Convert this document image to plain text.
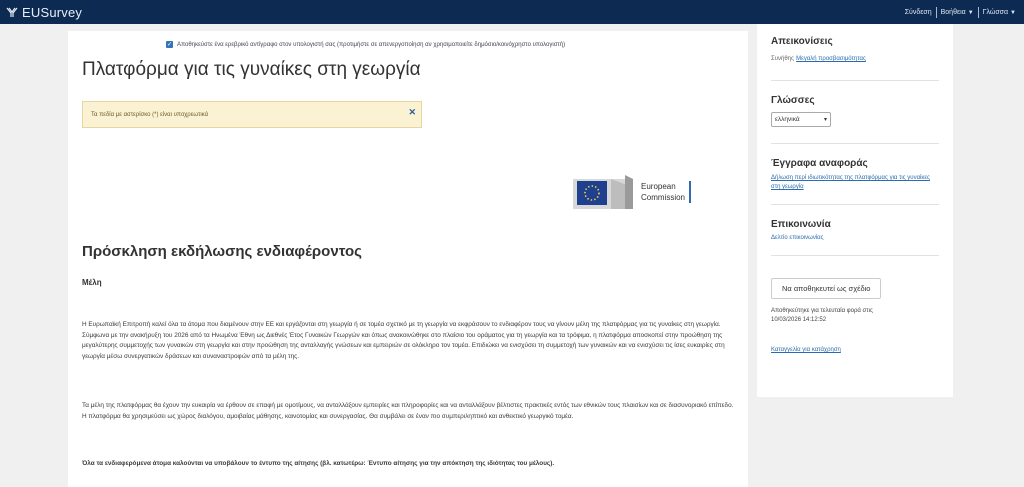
EUSurvey	Σύνδεση Βοήθεια ▼ Γλώσσα ▼
✓ Αποθηκεύστε ένα ερεβρικό αντίγραφο στον υπολογιστή σας (προτιμήστε σε απενεργοποίηση αν χρησιμοποιείτε δημόσιο/κοινόχρηστο υπολογιστή)
Πλατφόρμα για τις γυναίκες στη γεωργία
Τα πεδία με αστερίσκο (*) είναι υποχρεωτικά	✕
European
Commission
Πρόσκληση εκδήλωσης ενδιαφέροντος
Μέλη

Η Ευρωπαϊκή Επιτροπή καλεί όλα τα άτομα που διαμένουν στην ΕΕ και εργάζονται στη γεωργία ή σε τομέα σχετικό με τη γεωργία να εκφράσουν το ενδιαφέρον τους να γίνουν μέλη της πλατφόρμας για τις γυναίκες στη γεωργία. Σύμφωνα με την ανακήρυξη του 2026 από τα Ηνωμένα Έθνη ως Διεθνές Έτος Γυναικών Γεωργών και όπως ανακοινώθηκε στο πλαίσιο του οράματος για τη γεωργία και τα τρόφιμα, η πλατφόρμα αποσκοπεί στην προώθηση της μεγαλύτερης συμμετοχής των γυναικών στη γεωργία και στην προώθηση της ανταλλαγής γνώσεων και εμπειριών σε ολόκληρο τον τομέα. Επιδιώκει να ενισχύσει τη συμμετοχή των γυναικών και να ενισχύσει τις ίσες ευκαιρίες στη γεωργία μέσω συνεργατικών δράσεων και συναναστροφών από τα μέλη της.

Τα μέλη της πλατφόρμας θα έχουν την ευκαιρία να έρθουν σε επαφή με ομοτίμους, να ανταλλάξουν εμπειρίες και πληροφορίες και να ανταλλάξουν βέλτιστες πρακτικές εντός των εθνικών τους πλαισίων και σε διασυνοριακό επίπεδο. Η πλατφόρμα θα χρησιμεύσει ως χώρος διαλόγου, αμοιβαίας μάθησης, καινοτομίας και συνεργασίας. Θα συμβάλει σε έναν πιο συμπεριληπτικό και ανθεκτικό γεωργικό τομέα.

Όλα τα ενδιαφερόμενα άτομα καλούνται να υποβάλουν το έντυπο της αίτησης (βλ. κατωτέρω: Έντυπο αίτησης για την απόκτηση της ιδιότητας του μέλους).

Απεικονίσεις
Συνήθης Μεγαλή προσβασιμότητας
Γλώσσες
ελληνικά	▾
Έγγραφα αναφοράς
Δήλωση περί ιδιωτικότητας της πλατφόρμας για τις γυναίκες στη γεωργία
Επικοινωνία
Δελτίο επικοινωνίας
Να αποθηκευτεί ως σχέδιο
Αποθηκεύτηκε για τελευταία φορά στις
10/03/2026 14:12:52
Καταγγελία για κατάχρηση
